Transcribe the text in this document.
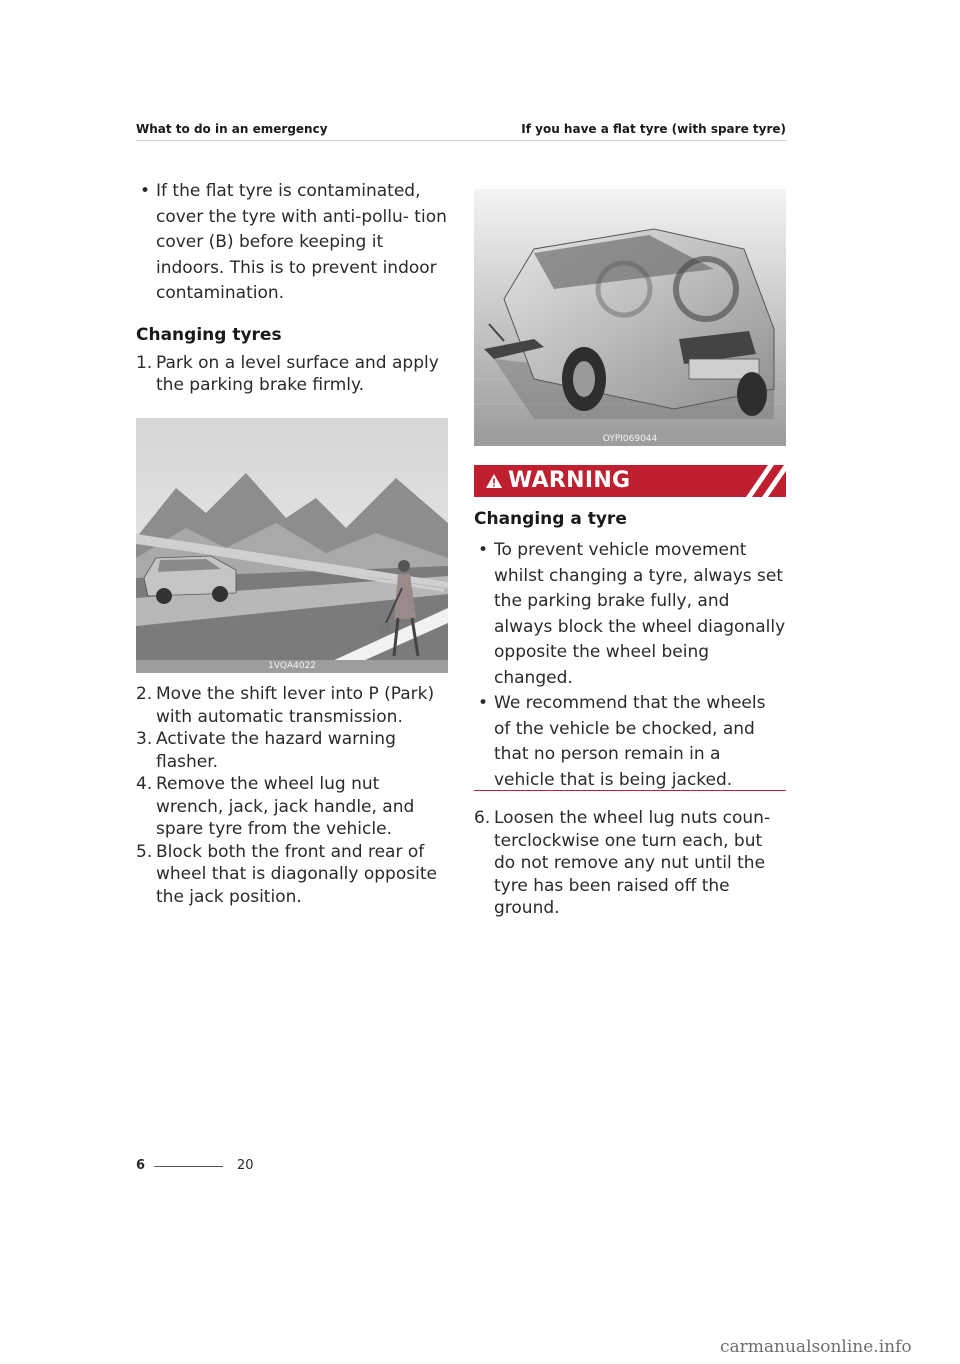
What to do in an emergency	If you have a flat tyre (with spare tyre)

• If the flat tyre is contaminated, cover the tyre with anti-pollu- tion cover (B) before keeping it indoors. This is to prevent indoor contamination.

Changing tyres

1. Park on a level surface and apply the parking brake firmly.

1VQA4022

2. Move the shift lever into P (Park) with automatic transmission.

3. Activate the hazard warning flasher.

4. Remove the wheel lug nut wrench, jack, jack handle, and spare tyre from the vehicle.

5. Block both the front and rear of wheel that is diagonally opposite the jack position.

OYPI069044
WARNING

Changing a tyre

• To prevent vehicle movement whilst changing a tyre, always set the parking brake fully, and always block the wheel diagonally opposite the wheel being changed.

• We recommend that the wheels of the vehicle be chocked, and that no person remain in a vehicle that is being jacked.

6. Loosen the wheel lug nuts coun- terclockwise one turn each, but do not remove any nut until the tyre has been raised off the ground.

6	20
carmanualsonline.info
